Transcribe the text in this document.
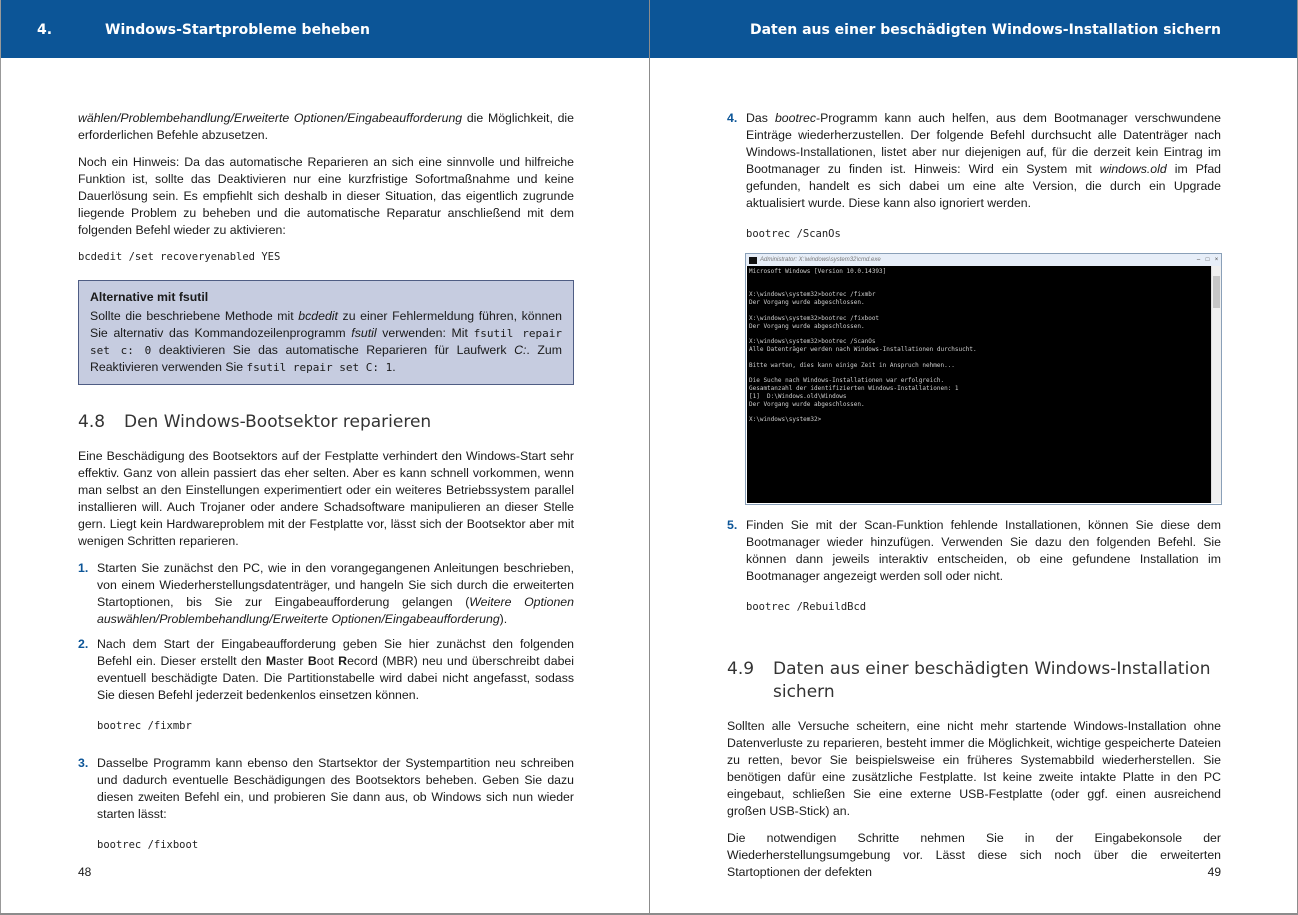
4.	Windows-Startprobleme beheben

wählen/Problembehandlung/Erweiterte Optionen/Eingabeaufforderung die Möglichkeit, die erforderlichen Befehle abzusetzen.

Noch ein Hinweis: Da das automatische Reparieren an sich eine sinnvolle und hilfreiche Funktion ist, sollte das Deaktivieren nur eine kurzfristige Sofortmaßnahme und keine Dauerlösung sein. Es empfiehlt sich deshalb in dieser Situation, das eigentlich zugrunde liegende Problem zu beheben und die automatische Reparatur anschließend mit dem folgenden Befehl wieder zu aktivieren:

bcdedit /set recoveryenabled YES
Alternative mit fsutil

Sollte die beschriebene Methode mit bcdedit zu einer Fehlermeldung führen, können Sie alternativ das Kommandozeilenprogramm fsutil verwenden: Mit fsutil repair set c: 0 deaktivieren Sie das automatische Reparieren für Laufwerk C:. Zum Reaktivieren verwenden Sie fsutil repair set C: 1.

4.8	Den Windows-Bootsektor reparieren

Eine Beschädigung des Bootsektors auf der Festplatte verhindert den Windows-Start sehr effektiv. Ganz von allein passiert das eher selten. Aber es kann schnell vorkommen, wenn man selbst an den Einstellungen experimentiert oder ein weiteres Betriebssystem parallel installieren will. Auch Trojaner oder andere Schadsoftware manipulieren an dieser Stelle gern. Liegt kein Hardwareproblem mit der Festplatte vor, lässt sich der Bootsektor aber mit wenigen Schritten reparieren.

1. Starten Sie zunächst den PC, wie in den vorangegangenen Anleitungen beschrieben, von einem Wiederherstellungsdatenträger, und hangeln Sie sich durch die erweiterten Startoptionen, bis Sie zur Eingabeaufforderung gelangen (Weitere Optionen auswählen/Problembehandlung/Erweiterte Optionen/Eingabeaufforderung).

2. Nach dem Start der Eingabeaufforderung geben Sie hier zunächst den folgenden Befehl ein. Dieser erstellt den Master Boot Record (MBR) neu und überschreibt dabei eventuell beschädigte Daten. Die Partitionstabelle wird dabei nicht angefasst, sodass Sie diesen Befehl jederzeit bedenkenlos einsetzen können.

bootrec /fixmbr
3. Dasselbe Programm kann ebenso den Startsektor der Systempartition neu schreiben und dadurch eventuelle Beschädigungen des Bootsektors beheben. Geben Sie dazu diesen zweiten Befehl ein, und probieren Sie dann aus, ob Windows sich nun wieder starten lässt:

bootrec /fixboot
48
Daten aus einer beschädigten Windows-Installation sichern
4. Das bootrec-Programm kann auch helfen, aus dem Bootmanager verschwundene Einträge wiederherzustellen. Der folgende Befehl durchsucht alle Datenträger nach Windows-Installationen, listet aber nur diejenigen auf, für die derzeit kein Eintrag im Bootmanager zu finden ist. Hinweis: Wird ein System mit windows.old im Pfad gefunden, handelt es sich dabei um eine alte Version, die durch ein Upgrade aktualisiert wurde. Diese kann also ignoriert werden.

bootrec /ScanOs
Administrator: X:\windows\system32\cmd.exe	– □ ×
Microsoft Windows [Version 10.0.14393]

X:\windows\system32>bootrec /fixmbr
Der Vorgang wurde abgeschlossen.

X:\windows\system32>bootrec /fixboot
Der Vorgang wurde abgeschlossen.

X:\windows\system32>bootrec /ScanOs
Alle Datenträger werden nach Windows-Installationen durchsucht.

Bitte warten, dies kann einige Zeit in Anspruch nehmen...

Die Suche nach Windows-Installationen war erfolgreich.
Gesamtanzahl der identifizierten Windows-Installationen: 1
[1]  D:\Windows.old\Windows
Der Vorgang wurde abgeschlossen.

X:\windows\system32>
5. Finden Sie mit der Scan-Funktion fehlende Installationen, können Sie diese dem Bootmanager wieder hinzufügen. Verwenden Sie dazu den folgenden Befehl. Sie können dann jeweils interaktiv entscheiden, ob eine gefundene Installation im Bootmanager angezeigt werden soll oder nicht.

bootrec /RebuildBcd
4.9	Daten aus einer beschädigten Windows-Installation sichern

Sollten alle Versuche scheitern, eine nicht mehr startende Windows-Installation ohne Datenverluste zu reparieren, besteht immer die Möglichkeit, wichtige gespeicherte Dateien zu retten, bevor Sie beispielsweise ein früheres Systemabbild wiederherstellen. Sie benötigen dafür eine zusätzliche Festplatte. Ist keine zweite intakte Platte in den PC eingebaut, schließen Sie eine externe USB-Festplatte (oder ggf. einen ausreichend großen USB-Stick) an.

Die notwendigen Schritte nehmen Sie in der Eingabekonsole der Wiederherstellungsumgebung vor. Lässt diese sich noch über die erweiterten Startoptionen der defekten	49
